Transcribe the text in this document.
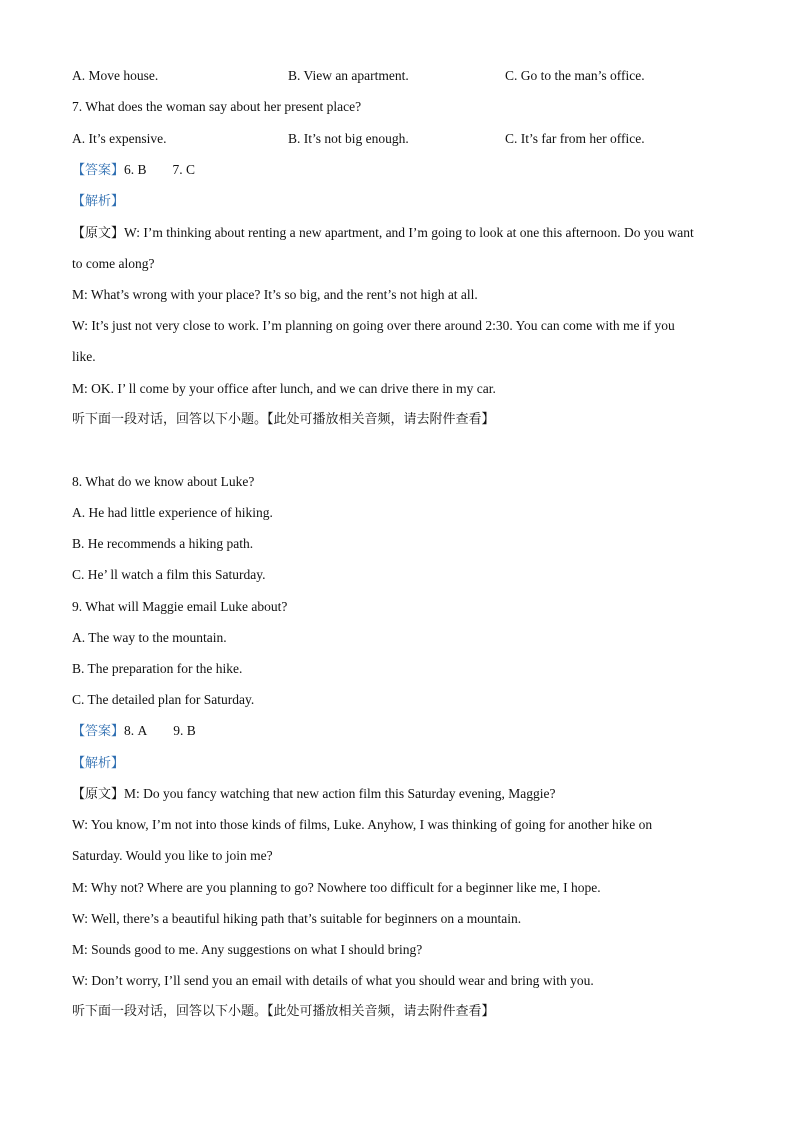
A. Move house.	B. View an apartment.	C. Go to the man’s office.
7. What does the woman say about her present place?
A. It’s expensive.	B. It’s not big enough.	C. It’s far from her office.
【答案】6. B 7. C
【解析】
【原文】W: I’m thinking about renting a new apartment, and I’m going to look at one this afternoon. Do you want
to come along?
M: What’s wrong with your place? It’s so big, and the rent’s not high at all.
W: It’s just not very close to work. I’m planning on going over there around 2:30. You can come with me if you
like.
M: OK. I’ ll come by your office after lunch, and we can drive there in my car.
听下面一段对话，回答以下小题。【此处可播放相关音频，请去附件查看】
8. What do we know about Luke?
A. He had little experience of hiking.
B. He recommends a hiking path.
C. He’ ll watch a film this Saturday.
9. What will Maggie email Luke about?
A. The way to the mountain.
B. The preparation for the hike.
C. The detailed plan for Saturday.
【答案】8. A 9. B
【解析】
【原文】M: Do you fancy watching that new action film this Saturday evening, Maggie?
W: You know, I’m not into those kinds of films, Luke. Anyhow, I was thinking of going for another hike on
Saturday. Would you like to join me?
M: Why not? Where are you planning to go? Nowhere too difficult for a beginner like me, I hope.
W: Well, there’s a beautiful hiking path that’s suitable for beginners on a mountain.
M: Sounds good to me. Any suggestions on what I should bring?
W: Don’t worry, I’ll send you an email with details of what you should wear and bring with you.
听下面一段对话，回答以下小题。【此处可播放相关音频，请去附件查看】
